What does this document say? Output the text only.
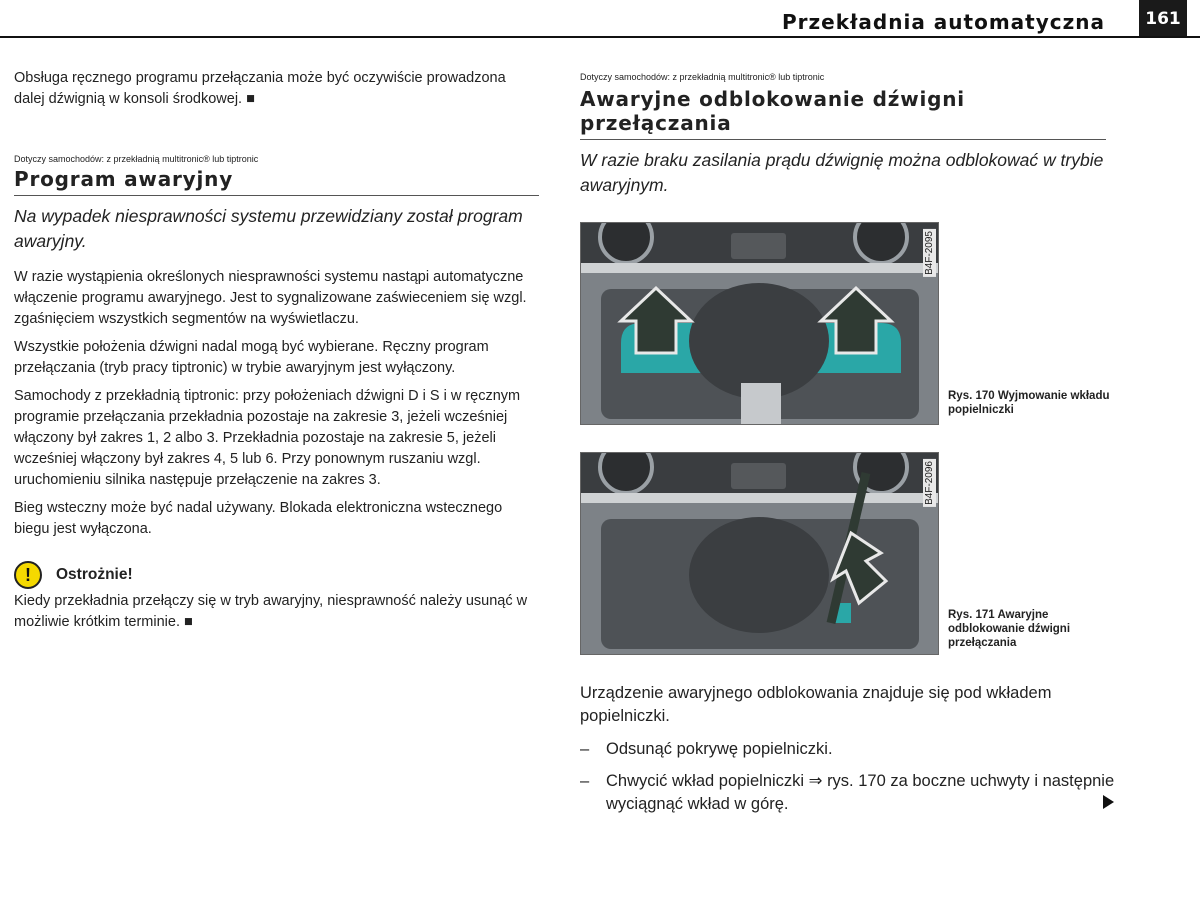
Przekładnia automatyczna	161

Obsługa ręcznego programu przełączania może być oczywiście prowadzona dalej dźwignią w konsoli środkowej. ■

Dotyczy samochodów: z przekładnią multitronic® lub tiptronic

Program awaryjny

Na wypadek niesprawności systemu przewidziany został program awaryjny.

W razie wystąpienia określonych niesprawności systemu nastąpi automatyczne włączenie programu awaryjnego. Jest to sygnalizowane zaświeceniem się wzgl. zgaśnięciem wszystkich segmentów na wyświetlaczu.

Wszystkie położenia dźwigni nadal mogą być wybierane. Ręczny program przełączania (tryb pracy tiptronic) w trybie awaryjnym jest wyłączony.

Samochody z przekładnią tiptronic: przy położeniach dźwigni D i S i w ręcznym programie przełączania przekładnia pozostaje na zakresie 3, jeżeli wcześniej włączony był zakres 1, 2 albo 3. Przekładnia pozostaje na zakresie 5, jeżeli wcześniej włączony był zakres 4, 5 lub 6. Przy ponownym ruszaniu wzgl. uruchomieniu silnika następuje przełączenie na zakres 3.

Bieg wsteczny może być nadal używany. Blokada elektroniczna wstecznego biegu jest wyłączona.

!	Ostrożnie!

Kiedy przekładnia przełączy się w tryb awaryjny, niesprawność należy usunąć w możliwie krótkim terminie. ■

Dotyczy samochodów: z przekładnią multitronic® lub tiptronic

Awaryjne odblokowanie dźwigni przełączania

W razie braku zasilania prądu dźwignię można odblokować w trybie awaryjnym.

B4F-2095
Rys. 170 Wyjmowanie wkładu popielniczki
B4F-2096
Rys. 171 Awaryjne odblokowanie dźwigni przełączania
Urządzenie awaryjnego odblokowania znajduje się pod wkładem popielniczki.
– Odsunąć pokrywę popielniczki.
– Chwycić wkład popielniczki ⇒ rys. 170 za boczne uchwyty i następnie wyciągnąć wkład w górę.
